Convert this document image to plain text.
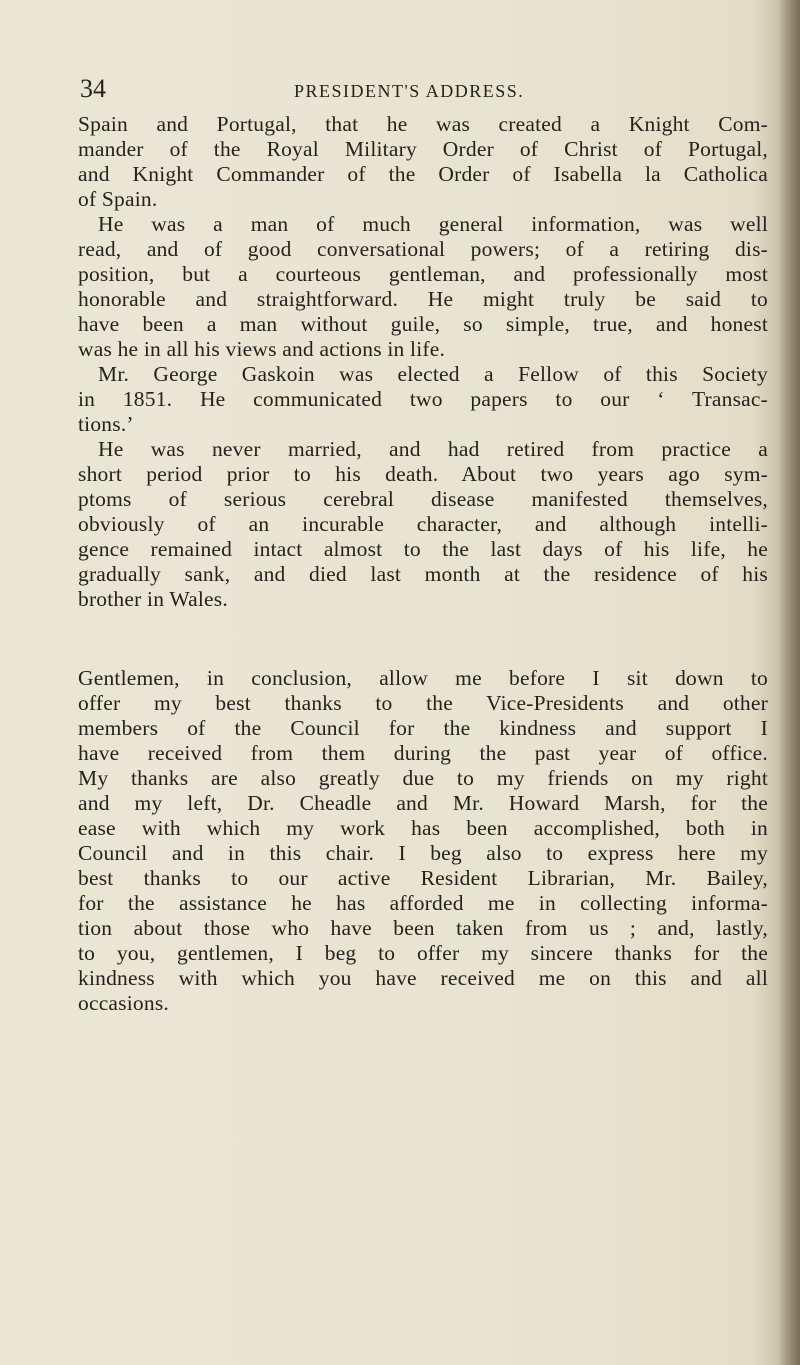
34	PRESIDENT'S ADDRESS.
Spain and Portugal, that he was created a Knight Com-
mander of the Royal Military Order of Christ of Portugal,
and Knight Commander of the Order of Isabella la Catholica
of Spain.
He was a man of much general information, was well
read, and of good conversational powers; of a retiring dis-
position, but a courteous gentleman, and professionally most
honorable and straightforward. He might truly be said to
have been a man without guile, so simple, true, and honest
was he in all his views and actions in life.
Mr. George Gaskoin was elected a Fellow of this Society
in 1851. He communicated two papers to our ‘ Transac-
tions.’
He was never married, and had retired from practice a
short period prior to his death. About two years ago sym-
ptoms of serious cerebral disease manifested themselves,
obviously of an incurable character, and although intelli-
gence remained intact almost to the last days of his life, he
gradually sank, and died last month at the residence of his
brother in Wales.
Gentlemen, in conclusion, allow me before I sit down to
offer my best thanks to the Vice-Presidents and other
members of the Council for the kindness and support I
have received from them during the past year of office.
My thanks are also greatly due to my friends on my right
and my left, Dr. Cheadle and Mr. Howard Marsh, for the
ease with which my work has been accomplished, both in
Council and in this chair. I beg also to express here my
best thanks to our active Resident Librarian, Mr. Bailey,
for the assistance he has afforded me in collecting informa-
tion about those who have been taken from us ; and, lastly,
to you, gentlemen, I beg to offer my sincere thanks for the
kindness with which you have received me on this and all
occasions.
